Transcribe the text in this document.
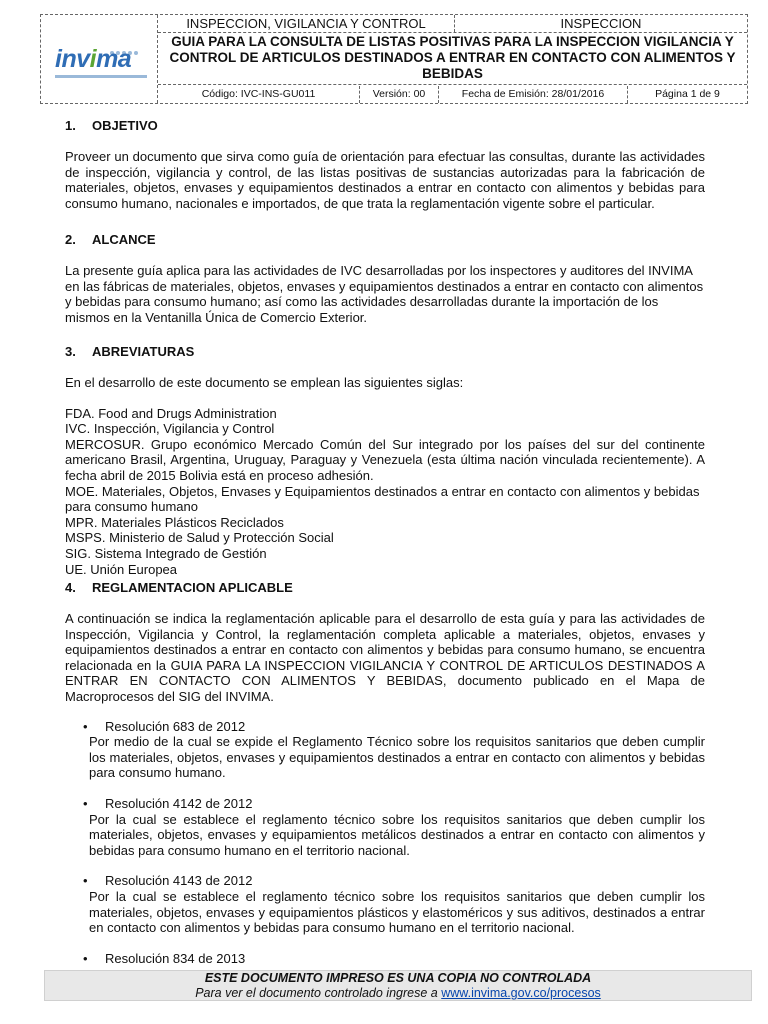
invima
INSPECCION, VIGILANCIA Y CONTROL	INSPECCION
GUIA PARA LA CONSULTA DE LISTAS POSITIVAS PARA LA INSPECCION VIGILANCIA Y CONTROL DE ARTICULOS DESTINADOS A ENTRAR EN CONTACTO CON ALIMENTOS Y BEBIDAS
Código: IVC-INS-GU011	Versión: 00	Fecha de Emisión: 28/01/2016	Página 1 de 9
1. OBJETIVO

Proveer un documento que sirva como guía de orientación para efectuar las consultas, durante las actividades de inspección, vigilancia y control, de las listas positivas de sustancias autorizadas para la fabricación de materiales, objetos, envases y equipamientos destinados a entrar en contacto con alimentos y bebidas para consumo humano, nacionales e importados, de que trata la reglamentación vigente sobre el particular.

2. ALCANCE

La presente guía aplica para las actividades de IVC desarrolladas por los inspectores y auditores del INVIMA en las fábricas de materiales, objetos, envases y equipamientos destinados a entrar en contacto con alimentos y bebidas para consumo humano; así como las actividades desarrolladas durante la importación de los mismos en la Ventanilla Única de Comercio Exterior.

3. ABREVIATURAS

En el desarrollo de este documento se emplean las siguientes siglas:

FDA. Food and Drugs Administration

IVC. Inspección, Vigilancia y Control

MERCOSUR. Grupo económico Mercado Común del Sur integrado por los países del sur del continente americano Brasil, Argentina, Uruguay, Paraguay y Venezuela (esta última nación vinculada recientemente). A fecha abril de 2015 Bolivia está en proceso adhesión.

MOE. Materiales, Objetos, Envases y Equipamientos destinados a entrar en contacto con alimentos y bebidas para consumo humano

MPR. Materiales Plásticos Reciclados

MSPS. Ministerio de Salud y Protección Social

SIG. Sistema Integrado de Gestión

UE. Unión Europea

4. REGLAMENTACION APLICABLE

A continuación se indica la reglamentación aplicable para el desarrollo de esta guía y para las actividades de Inspección, Vigilancia y Control, la reglamentación completa aplicable a materiales, objetos, envases y equipamientos destinados a entrar en contacto con alimentos y bebidas para consumo humano, se encuentra relacionada en la GUIA PARA LA INSPECCION VIGILANCIA Y CONTROL DE ARTICULOS DESTINADOS A ENTRAR EN CONTACTO CON ALIMENTOS Y BEBIDAS, documento publicado en el Mapa de Macroprocesos del SIG del INVIMA.

• Resolución 683 de 2012

Por medio de la cual se expide el Reglamento Técnico sobre los requisitos sanitarios que deben cumplir los materiales, objetos, envases y equipamientos destinados a entrar en contacto con alimentos y bebidas para consumo humano.

• Resolución 4142 de 2012

Por la cual se establece el reglamento técnico sobre los requisitos sanitarios que deben cumplir los materiales, objetos, envases y equipamientos metálicos destinados a entrar en contacto con alimentos y bebidas para consumo humano en el territorio nacional.

• Resolución 4143 de 2012

Por la cual se establece el reglamento técnico sobre los requisitos sanitarios que deben cumplir los materiales, objetos, envases y equipamientos plásticos y elastoméricos y sus aditivos, destinados a entrar en contacto con alimentos y bebidas para consumo humano en el territorio nacional.

• Resolución 834 de 2013
ESTE DOCUMENTO IMPRESO ES UNA COPIA NO CONTROLADA
Para ver el documento controlado ingrese a www.invima.gov.co/procesos
